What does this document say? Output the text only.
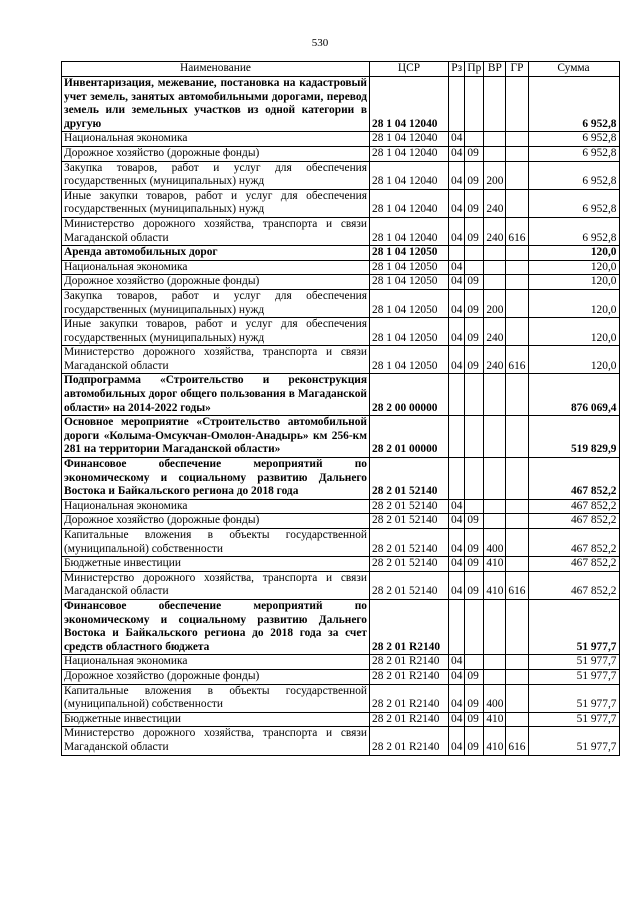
530
Наименование	ЦСР	Рз	Пр	ВР	ГР	Сумма
Инвентаризация, межевание, постановка на кадастровый учет земель, занятых автомобильными дорогами, перевод земель или земельных участков из одной категории в другую	28 1 04 12040					6 952,8
Национальная экономика	28 1 04 12040	04				6 952,8
Дорожное хозяйство (дорожные фонды)	28 1 04 12040	04	09			6 952,8
Закупка товаров, работ и услуг для обеспечения государственных (муниципальных) нужд	28 1 04 12040	04	09	200		6 952,8
Иные закупки товаров, работ и услуг для обеспечения государственных (муниципальных) нужд	28 1 04 12040	04	09	240		6 952,8
Министерство дорожного хозяйства, транспорта и связи Магаданской области	28 1 04 12040	04	09	240	616	6 952,8
Аренда автомобильных дорог	28 1 04 12050					120,0
Национальная экономика	28 1 04 12050	04				120,0
Дорожное хозяйство (дорожные фонды)	28 1 04 12050	04	09			120,0
Закупка товаров, работ и услуг для обеспечения государственных (муниципальных) нужд	28 1 04 12050	04	09	200		120,0
Иные закупки товаров, работ и услуг для обеспечения государственных (муниципальных) нужд	28 1 04 12050	04	09	240		120,0
Министерство дорожного хозяйства, транспорта и связи Магаданской области	28 1 04 12050	04	09	240	616	120,0
Подпрограмма «Строительство и реконструкция автомобильных дорог общего пользования в Магаданской области» на 2014-2022 годы»	28 2 00 00000					876 069,4
Основное мероприятие «Строительство автомобильной дороги «Колыма-Омсукчан-Омолон-Анадырь» км 256-км 281 на территории Магаданской области»	28 2 01 00000					519 829,9
Финансовое обеспечение мероприятий по экономическому и социальному развитию Дальнего Востока и Байкальского региона до 2018 года	28 2 01 52140					467 852,2
Национальная экономика	28 2 01 52140	04				467 852,2
Дорожное хозяйство (дорожные фонды)	28 2 01 52140	04	09			467 852,2
Капитальные вложения в объекты государственной (муниципальной) собственности	28 2 01 52140	04	09	400		467 852,2
Бюджетные инвестиции	28 2 01 52140	04	09	410		467 852,2
Министерство дорожного хозяйства, транспорта и связи Магаданской области	28 2 01 52140	04	09	410	616	467 852,2
Финансовое обеспечение мероприятий по экономическому и социальному развитию Дальнего Востока и Байкальского региона до 2018 года за счет средств областного бюджета	28 2 01 R2140					51 977,7
Национальная экономика	28 2 01 R2140	04				51 977,7
Дорожное хозяйство (дорожные фонды)	28 2 01 R2140	04	09			51 977,7
Капитальные вложения в объекты государственной (муниципальной) собственности	28 2 01 R2140	04	09	400		51 977,7
Бюджетные инвестиции	28 2 01 R2140	04	09	410		51 977,7
Министерство дорожного хозяйства, транспорта и связи Магаданской области	28 2 01 R2140	04	09	410	616	51 977,7
